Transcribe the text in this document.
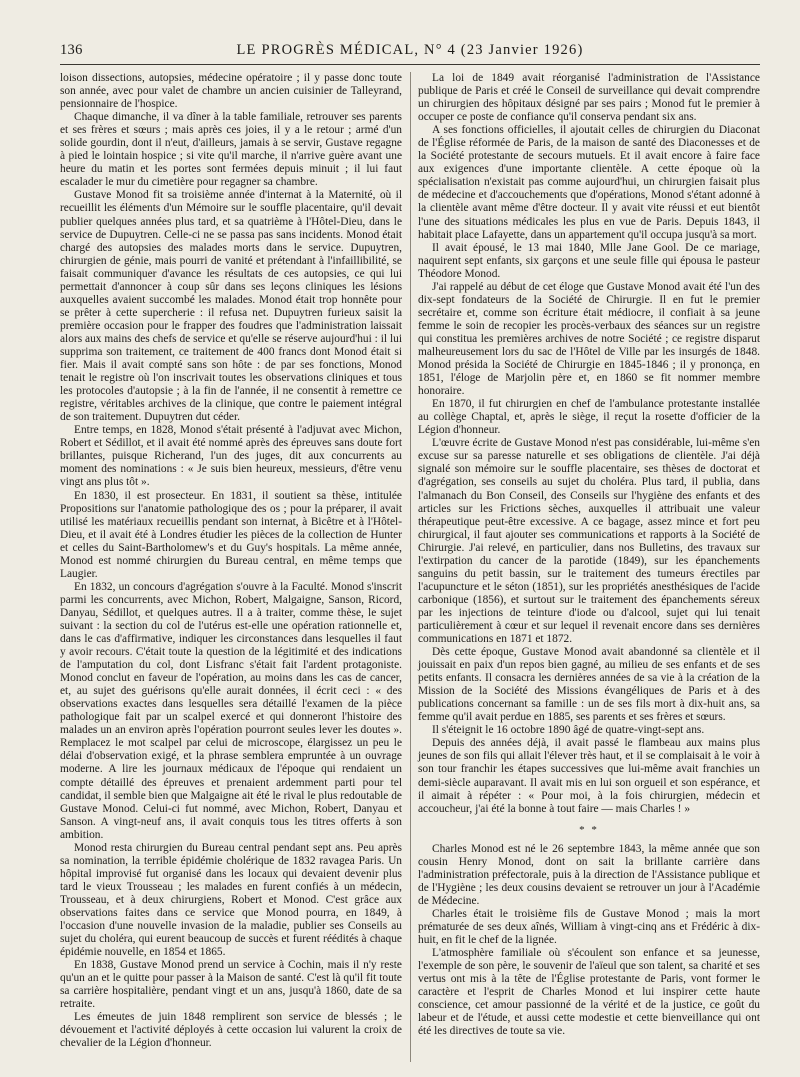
136	LE PROGRÈS MÉDICAL, N° 4 (23 Janvier 1926)

loison dissections, autopsies, médecine opératoire ; il y passe donc toute son année, avec pour valet de chambre un ancien cuisinier de Talleyrand, pensionnaire de l'hospice.

Chaque dimanche, il va dîner à la table familiale, retrouver ses parents et ses frères et sœurs ; mais après ces joies, il y a le retour ; armé d'un solide gourdin, dont il n'eut, d'ailleurs, jamais à se servir, Gustave regagne à pied le lointain hospice ; si vite qu'il marche, il n'arrive guère avant une heure du matin et les portes sont fermées depuis minuit ; il lui faut escalader le mur du cimetière pour regagner sa chambre.

Gustave Monod fit sa troisième année d'internat à la Maternité, où il recueillit les éléments d'un Mémoire sur le souffle placentaire, qu'il devait publier quelques années plus tard, et sa quatrième à l'Hôtel-Dieu, dans le service de Dupuytren. Celle-ci ne se passa pas sans incidents. Monod était chargé des autopsies des malades morts dans le service. Dupuytren, chirurgien de génie, mais pourri de vanité et prétendant à l'infaillibilité, se faisait communiquer d'avance les résultats de ces autopsies, ce qui lui permettait d'annoncer à coup sûr dans ses leçons cliniques les lésions auxquelles avaient succombé les malades. Monod était trop honnête pour se prêter à cette supercherie : il refusa net. Dupuytren furieux saisit la première occasion pour le frapper des foudres que l'administration laissait alors aux mains des chefs de service et qu'elle se réserve aujourd'hui : il lui supprima son traitement, ce traitement de 400 francs dont Monod était si fier. Mais il avait compté sans son hôte : de par ses fonctions, Monod tenait le registre où l'on inscrivait toutes les observations cliniques et tous les protocoles d'autopsie ; à la fin de l'année, il ne consentit à remettre ce registre, véritables archives de la clinique, que contre le paiement intégral de son traitement. Dupuytren dut céder.

Entre temps, en 1828, Monod s'était présenté à l'adjuvat avec Michon, Robert et Sédillot, et il avait été nommé après des épreuves sans doute fort brillantes, puisque Richerand, l'un des juges, dit aux concurrents au moment des nominations : « Je suis bien heureux, messieurs, d'être venu vingt ans plus tôt ».

En 1830, il est prosecteur. En 1831, il soutient sa thèse, intitulée Propositions sur l'anatomie pathologique des os ; pour la préparer, il avait utilisé les matériaux recueillis pendant son internat, à Bicêtre et à l'Hôtel-Dieu, et il avait été à Londres étudier les pièces de la collection de Hunter et celles du Saint-Bartholomew's et du Guy's hospitals. La même année, Monod est nommé chirurgien du Bureau central, en même temps que Laugier.

En 1832, un concours d'agrégation s'ouvre à la Faculté. Monod s'inscrit parmi les concurrents, avec Michon, Robert, Malgaigne, Sanson, Ricord, Danyau, Sédillot, et quelques autres. Il a à traiter, comme thèse, le sujet suivant : la section du col de l'utérus est-elle une opération rationnelle et, dans le cas d'affirmative, indiquer les circonstances dans lesquelles il faut y avoir recours. C'était toute la question de la légitimité et des indications de l'amputation du col, dont Lisfranc s'était fait l'ardent protagoniste. Monod conclut en faveur de l'opération, au moins dans les cas de cancer, et, au sujet des guérisons qu'elle aurait données, il écrit ceci : « des observations exactes dans lesquelles sera détaillé l'examen de la pièce pathologique fait par un scalpel exercé et qui donneront l'histoire des malades un an environ après l'opération pourront seules lever les doutes ». Remplacez le mot scalpel par celui de microscope, élargissez un peu le délai d'observation exigé, et la phrase semblera empruntée à un ouvrage moderne. A lire les journaux médicaux de l'époque qui rendaient un compte détaillé des épreuves et prenaient ardemment parti pour tel candidat, il semble bien que Malgaigne ait été le rival le plus redoutable de Gustave Monod. Celui-ci fut nommé, avec Michon, Robert, Danyau et Sanson. A vingt-neuf ans, il avait conquis tous les titres offerts à son ambition.

Monod resta chirurgien du Bureau central pendant sept ans. Peu après sa nomination, la terrible épidémie cholérique de 1832 ravagea Paris. Un hôpital improvisé fut organisé dans les locaux qui devaient devenir plus tard le vieux Trousseau ; les malades en furent confiés à un médecin, Trousseau, et à deux chirurgiens, Robert et Monod. C'est grâce aux observations faites dans ce service que Monod pourra, en 1849, à l'occasion d'une nouvelle invasion de la maladie, publier ses Conseils au sujet du choléra, qui eurent beaucoup de succès et furent réédités à chaque épidémie nouvelle, en 1854 et 1865.

En 1838, Gustave Monod prend un service à Cochin, mais il n'y reste qu'un an et le quitte pour passer à la Maison de santé. C'est là qu'il fit toute sa carrière hospitalière, pendant vingt et un ans, jusqu'à 1860, date de sa retraite.

Les émeutes de juin 1848 remplirent son service de blessés ; le dévouement et l'activité déployés à cette occasion lui valurent la croix de chevalier de la Légion d'honneur.

La loi de 1849 avait réorganisé l'administration de l'Assistance publique de Paris et créé le Conseil de surveillance qui devait comprendre un chirurgien des hôpitaux désigné par ses pairs ; Monod fut le premier à occuper ce poste de confiance qu'il conserva pendant six ans.

A ses fonctions officielles, il ajoutait celles de chirurgien du Diaconat de l'Église réformée de Paris, de la maison de santé des Diaconesses et de la Société protestante de secours mutuels. Et il avait encore à faire face aux exigences d'une importante clientèle. A cette époque où la spécialisation n'existait pas comme aujourd'hui, un chirurgien faisait plus de médecine et d'accouchements que d'opérations, Monod s'étant adonné à la clientèle avant même d'être docteur. Il y avait vite réussi et eut bientôt l'une des situations médicales les plus en vue de Paris. Depuis 1843, il habitait place Lafayette, dans un appartement qu'il occupa jusqu'à sa mort.

Il avait épousé, le 13 mai 1840, Mlle Jane Gool. De ce mariage, naquirent sept enfants, six garçons et une seule fille qui épousa le pasteur Théodore Monod.

J'ai rappelé au début de cet éloge que Gustave Monod avait été l'un des dix-sept fondateurs de la Société de Chirurgie. Il en fut le premier secrétaire et, comme son écriture était médiocre, il confiait à sa jeune femme le soin de recopier les procès-verbaux des séances sur un registre qui constitua les premières archives de notre Société ; ce registre disparut malheureusement lors du sac de l'Hôtel de Ville par les insurgés de 1848. Monod présida la Société de Chirurgie en 1845-1846 ; il y prononça, en 1851, l'éloge de Marjolin père et, en 1860 se fit nommer membre honoraire.

En 1870, il fut chirurgien en chef de l'ambulance protestante installée au collège Chaptal, et, après le siège, il reçut la rosette d'officier de la Légion d'honneur.

L'œuvre écrite de Gustave Monod n'est pas considérable, lui-même s'en excuse sur sa paresse naturelle et ses obligations de clientèle. J'ai déjà signalé son mémoire sur le souffle placentaire, ses thèses de doctorat et d'agrégation, ses conseils au sujet du choléra. Plus tard, il publia, dans l'almanach du Bon Conseil, des Conseils sur l'hygiène des enfants et des articles sur les Frictions sèches, auxquelles il attribuait une valeur thérapeutique peut-être excessive. A ce bagage, assez mince et fort peu chirurgical, il faut ajouter ses communications et rapports à la Société de Chirurgie. J'ai relevé, en particulier, dans nos Bulletins, des travaux sur l'extirpation du cancer de la parotide (1849), sur les épanchements sanguins du petit bassin, sur le traitement des tumeurs érectiles par l'acupuncture et le séton (1851), sur les propriétés anesthésiques de l'acide carbonique (1856), et surtout sur le traitement des épanchements séreux par les injections de teinture d'iode ou d'alcool, sujet qui lui tenait particulièrement à cœur et sur lequel il revenait encore dans ses dernières communications en 1871 et 1872.

Dès cette époque, Gustave Monod avait abandonné sa clientèle et il jouissait en paix d'un repos bien gagné, au milieu de ses enfants et de ses petits enfants. Il consacra les dernières années de sa vie à la création de la Mission de la Société des Missions évangéliques de Paris et à des publications concernant sa famille : un de ses fils mort à dix-huit ans, sa femme qu'il avait perdue en 1885, ses parents et ses frères et sœurs.

Il s'éteignit le 16 octobre 1890 âgé de quatre-vingt-sept ans.

Depuis des années déjà, il avait passé le flambeau aux mains plus jeunes de son fils qui allait l'élever très haut, et il se complaisait à le voir à son tour franchir les étapes successives que lui-même avait franchies un demi-siècle auparavant. Il avait mis en lui son orgueil et son espérance, et il aimait à répéter : « Pour moi, à la fois chirurgien, médecin et accoucheur, j'ai été la bonne à tout faire — mais Charles ! »

* *

Charles Monod est né le 26 septembre 1843, la même année que son cousin Henry Monod, dont on sait la brillante carrière dans l'administration préfectorale, puis à la direction de l'Assistance publique et de l'Hygiène ; les deux cousins devaient se retrouver un jour à l'Académie de Médecine.

Charles était le troisième fils de Gustave Monod ; mais la mort prématurée de ses deux aînés, William à vingt-cinq ans et Frédéric à dix-huit, en fit le chef de la lignée.

L'atmosphère familiale où s'écoulent son enfance et sa jeunesse, l'exemple de son père, le souvenir de l'aïeul que son talent, sa charité et ses vertus ont mis à la tête de l'Église protestante de Paris, vont former le caractère et l'esprit de Charles Monod et lui inspirer cette haute conscience, cet amour passionné de la vérité et de la justice, ce goût du labeur et de l'étude, et aussi cette modestie et cette bienveillance qui ont été les directives de toute sa vie.
